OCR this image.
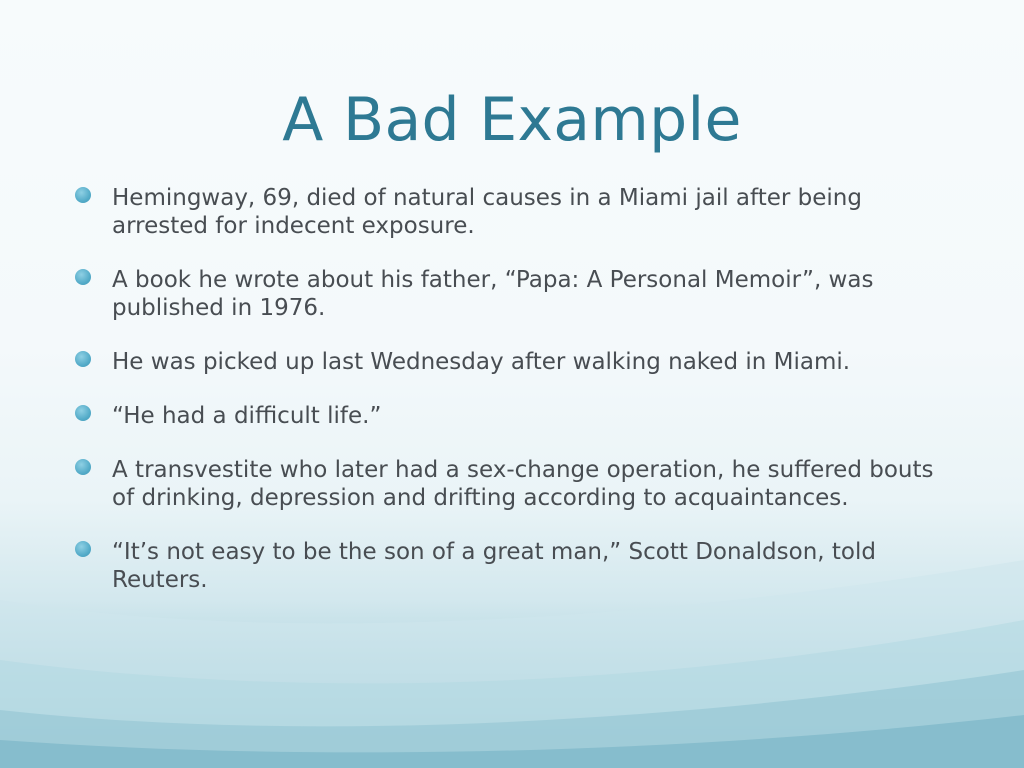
A Bad Example
Hemingway, 69, died of natural causes in a Miami jail after being arrested for indecent exposure.
A book he wrote about his father, “Papa: A Personal Memoir”, was published in 1976.
He was picked up last Wednesday after walking naked in Miami.
“He had a difficult life.”
A transvestite who later had a sex-change operation, he suffered bouts of drinking, depression and drifting according to acquaintances.
“It’s not easy to be the son of a great man,” Scott Donaldson, told Reuters.
